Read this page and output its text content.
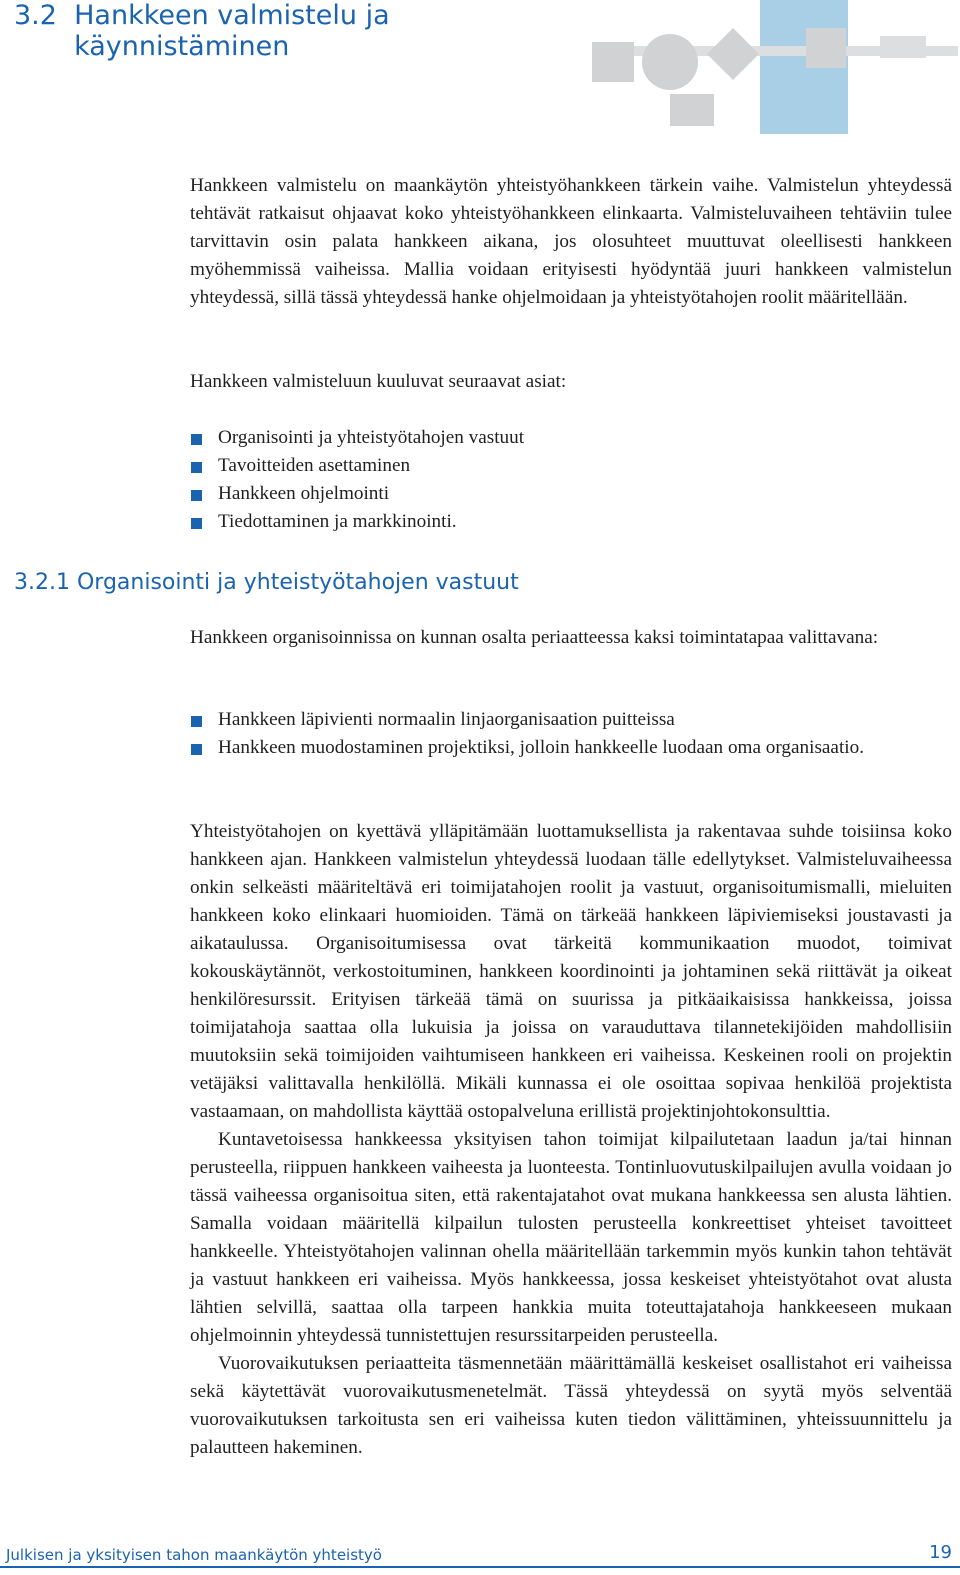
3.2  Hankkeen valmistelu ja
käynnistäminen

Hankkeen valmistelu on maankäytön yhteistyöhankkeen tärkein vaihe. Valmistelun yhteydessä tehtävät ratkaisut ohjaavat koko yhteistyöhankkeen elinkaarta. Valmisteluvaiheen tehtäviin tulee tarvittavin osin palata hankkeen aikana, jos olosuhteet muuttuvat oleellisesti hankkeen myöhemmissä vaiheissa. Mallia voidaan erityisesti hyödyntää juuri hankkeen valmistelun yhteydessä, sillä tässä yhteydessä hanke ohjelmoidaan ja yhteistyötahojen roolit määritellään.

Hankkeen valmisteluun kuuluvat seuraavat asiat:

Organisointi ja yhteistyötahojen vastuut
Tavoitteiden asettaminen
Hankkeen ohjelmointi
Tiedottaminen ja markkinointi.
3.2.1 Organisointi ja yhteistyötahojen vastuut

Hankkeen organisoinnissa on kunnan osalta periaatteessa kaksi toimintatapaa valittavana:

Hankkeen läpivienti normaalin linjaorganisaation puitteissa
Hankkeen muodostaminen projektiksi, jolloin hankkeelle luodaan oma organisaatio.

Yhteistyötahojen on kyettävä ylläpitämään luottamuksellista ja rakentavaa suhde toisiinsa koko hankkeen ajan. Hankkeen valmistelun yhteydessä luodaan tälle edellytykset. Valmisteluvaiheessa onkin selkeästi määriteltävä eri toimijatahojen roolit ja vastuut, organisoitumismalli, mieluiten hankkeen koko elinkaari huomioiden. Tämä on tärkeää hankkeen läpiviemiseksi joustavasti ja aikataulussa. Organisoitumisessa ovat tärkeitä kommunikaation muodot, toimivat kokouskäytännöt, verkostoituminen, hankkeen koordinointi ja johtaminen sekä riittävät ja oikeat henkilöresurssit. Erityisen tärkeää tämä on suurissa ja pitkäaikaisissa hankkeissa, joissa toimijatahoja saattaa olla lukuisia ja joissa on varauduttava tilannetekijöiden mahdollisiin muutoksiin sekä toimijoiden vaihtumiseen hankkeen eri vaiheissa. Keskeinen rooli on projektin vetäjäksi valittavalla henkilöllä. Mikäli kunnassa ei ole osoittaa sopivaa henkilöä projektista vastaamaan, on mahdollista käyttää ostopalveluna erillistä projektinjohtokonsulttia.

Kuntavetoisessa hankkeessa yksityisen tahon toimijat kilpailutetaan laadun ja/tai hinnan perusteella, riippuen hankkeen vaiheesta ja luonteesta. Tontinluovutuskilpailujen avulla voidaan jo tässä vaiheessa organisoitua siten, että rakentajatahot ovat mukana hankkeessa sen alusta lähtien. Samalla voidaan määritellä kilpailun tulosten perusteella konkreettiset yhteiset tavoitteet hankkeelle. Yhteistyötahojen valinnan ohella määritellään tarkemmin myös kunkin tahon tehtävät ja vastuut hankkeen eri vaiheissa. Myös hankkeessa, jossa keskeiset yhteistyötahot ovat alusta lähtien selvillä, saattaa olla tarpeen hankkia muita toteuttajatahoja hankkeeseen mukaan ohjelmoinnin yhteydessä tunnistettujen resurssitarpeiden perusteella.

Vuorovaikutuksen periaatteita täsmennetään määrittämällä keskeiset osallistahot eri vaiheissa sekä käytettävät vuorovaikutusmenetelmät. Tässä yhteydessä on syytä myös selventää vuorovaikutuksen tarkoitusta sen eri vaiheissa kuten tiedon välittäminen, yhteissuunnittelu ja palautteen hakeminen.

Julkisen ja yksityisen tahon maankäytön yhteistyö	19
